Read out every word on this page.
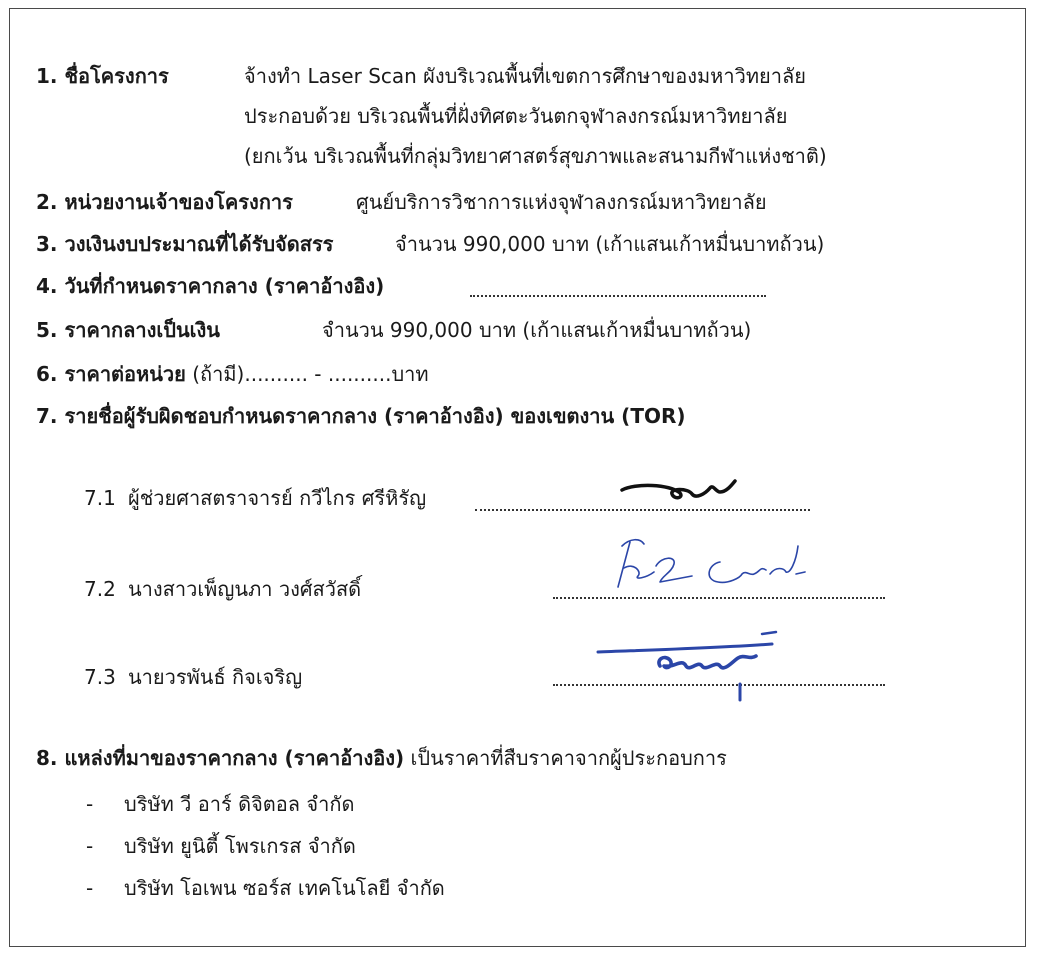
1. ชื่อโครงการ	จ้างทำ Laser Scan ผังบริเวณพื้นที่เขตการศึกษาของมหาวิทยาลัย
ประกอบด้วย บริเวณพื้นที่ฝั่งทิศตะวันตกจุฬาลงกรณ์มหาวิทยาลัย
(ยกเว้น บริเวณพื้นที่กลุ่มวิทยาศาสตร์สุขภาพและสนามกีฬาแห่งชาติ)
2. หน่วยงานเจ้าของโครงการ	ศูนย์บริการวิชาการแห่งจุฬาลงกรณ์มหาวิทยาลัย
3. วงเงินงบประมาณที่ได้รับจัดสรร	จำนวน 990,000 บาท (เก้าแสนเก้าหมื่นบาทถ้วน)
4. วันที่กำหนดราคากลาง (ราคาอ้างอิง)
5. ราคากลางเป็นเงิน	จำนวน 990,000 บาท (เก้าแสนเก้าหมื่นบาทถ้วน)
6. ราคาต่อหน่วย (ถ้ามี).......... - ..........บาท
7. รายชื่อผู้รับผิดชอบกำหนดราคากลาง (ราคาอ้างอิง) ของเขตงาน (TOR)
7.1 ผู้ช่วยศาสตราจารย์ กวีไกร ศรีหิรัญ
7.2 นางสาวเพ็ญนภา วงศ์สวัสดิ์
7.3 นายวรพันธ์ กิจเจริญ
8. แหล่งที่มาของราคากลาง (ราคาอ้างอิง) เป็นราคาที่สืบราคาจากผู้ประกอบการ
- บริษัท วี อาร์ ดิจิตอล จำกัด
- บริษัท ยูนิตี้ โพรเกรส จำกัด
- บริษัท โอเพน ซอร์ส เทคโนโลยี จำกัด
